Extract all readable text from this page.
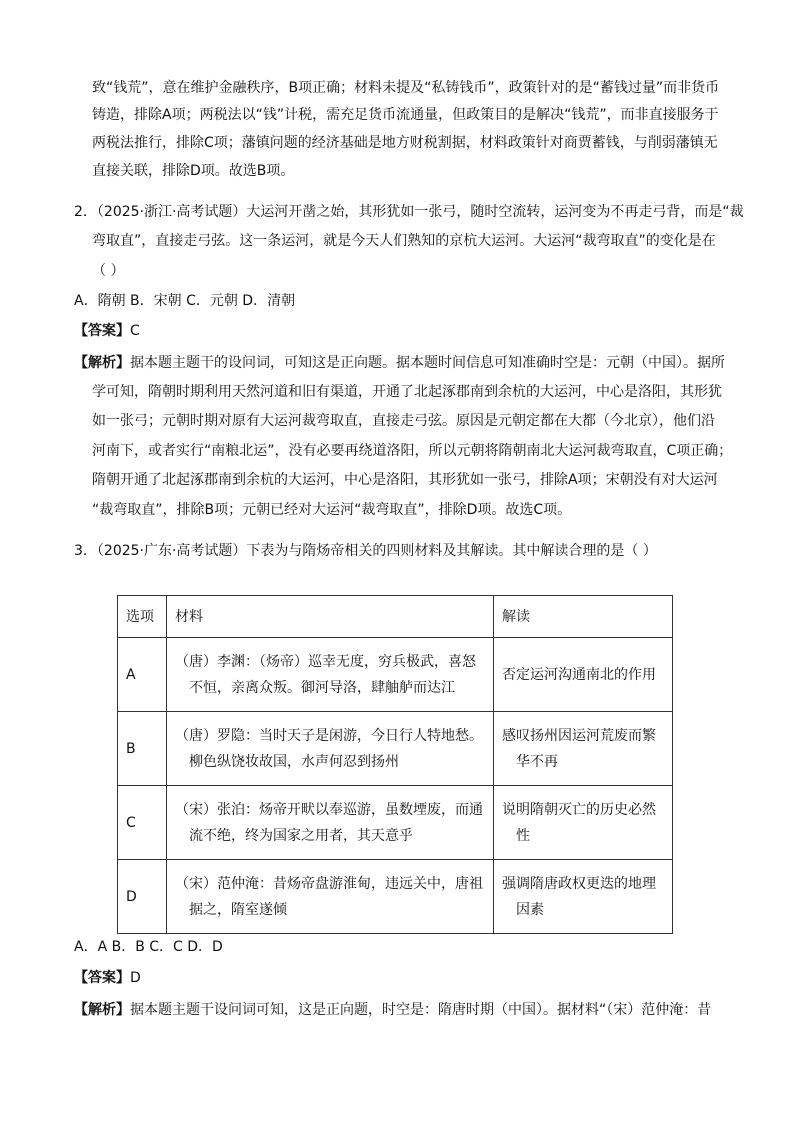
致“钱荒”，意在维护金融秩序，B项正确；材料未提及“私铸钱币”，政策针对的是“蓄钱过量”而非货币

铸造，排除A项；两税法以“钱”计税，需充足货币流通量，但政策目的是解决“钱荒”，而非直接服务于

两税法推行，排除C项；藩镇问题的经济基础是地方财税割据，材料政策针对商贾蓄钱，与削弱藩镇无

直接关联，排除D项。故选B项。

2．（2025·浙江·高考试题）大运河开凿之始，其形犹如一张弓，随时空流转，运河变为不再走弓背，而是“裁

弯取直”，直接走弓弦。这一条运河，就是今天人们熟知的京杭大运河。大运河“裁弯取直”的变化是在

（ ）

A．隋朝 B．宋朝 C．元朝 D．清朝

【答案】C

【解析】据本题主题干的设问词，可知这是正向题。据本题时间信息可知准确时空是：元朝（中国）。据所

学可知，隋朝时期利用天然河道和旧有渠道，开通了北起涿郡南到余杭的大运河，中心是洛阳，其形犹

如一张弓；元朝时期对原有大运河裁弯取直，直接走弓弦。原因是元朝定都在大都（今北京），他们沿

河南下，或者实行“南粮北运”，没有必要再绕道洛阳，所以元朝将隋朝南北大运河裁弯取直，C项正确；

隋朝开通了北起涿郡南到余杭的大运河，中心是洛阳，其形犹如一张弓，排除A项；宋朝没有对大运河

“裁弯取直”，排除B项；元朝已经对大运河“裁弯取直”，排除D项。故选C项。

3．（2025·广东·高考试题）下表为与隋炀帝相关的四则材料及其解读。其中解读合理的是（ ）

选项	材料	解读
A	（唐）李渊：（炀帝）巡幸无度，穷兵极武，喜怒不恒，亲离众叛。御河导洛，肆舳舻而达江	否定运河沟通南北的作用

B	（唐）罗隐：当时天子是闲游，今日行人特地愁。柳色纵饶妆故国，水声何忍到扬州	感叹扬州因运河荒废而繁华不再

C	（宋）张泊：炀帝开畎以奉巡游，虽数堙废，而通流不绝，终为国家之用者，其天意乎	说明隋朝灭亡的历史必然性

D	（宋）范仲淹：昔炀帝盘游淮甸，违远关中，唐祖据之，隋室遂倾	强调隋唐政权更迭的地理因素

A．A B．B C．C D．D

【答案】D

【解析】据本题主题干设问词可知，这是正向题，时空是：隋唐时期（中国）。据材料“（宋）范仲淹：昔
